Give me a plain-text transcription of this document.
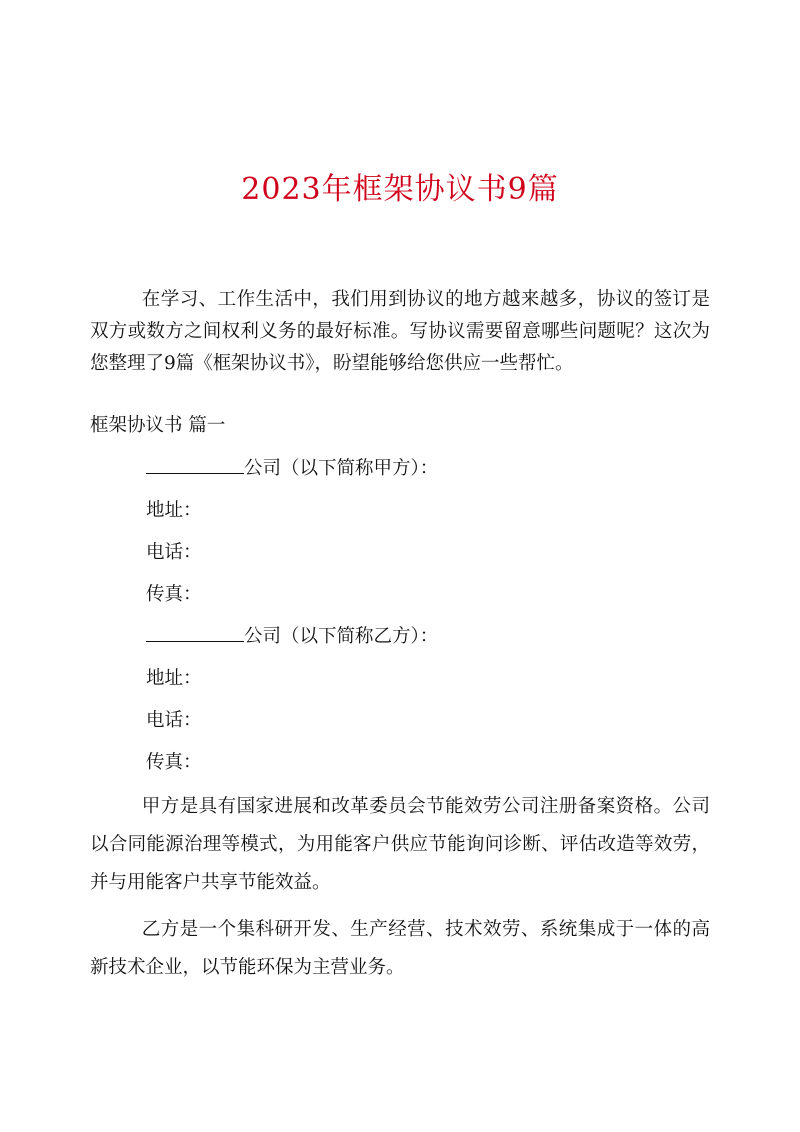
2023年框架协议书9篇

在学习、工作生活中，我们用到协议的地方越来越多，协议的签订是双方或数方之间权利义务的最好标准。写协议需要留意哪些问题呢？这次为您整理了9篇《框架协议书》，盼望能够给您供应一些帮忙。

框架协议书 篇一
公司（以下简称甲方）：
地址：
电话：
传真：
公司（以下简称乙方）：
地址：
电话：
传真：

甲方是具有国家进展和改革委员会节能效劳公司注册备案资格。公司以合同能源治理等模式，为用能客户供应节能询问诊断、评估改造等效劳，并与用能客户共享节能效益。

乙方是一个集科研开发、生产经营、技术效劳、系统集成于一体的高新技术企业，以节能环保为主营业务。
